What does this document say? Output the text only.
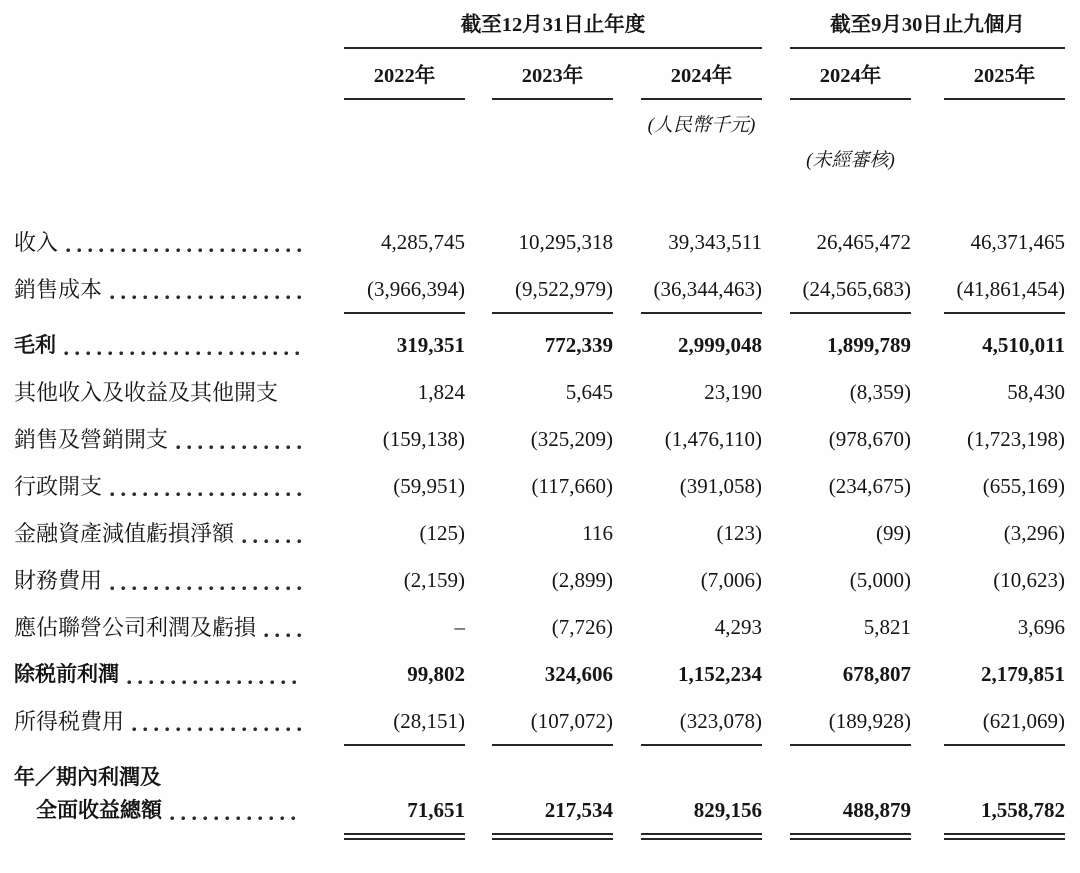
截至12月31日止年度	截至9月30日止九個月
2022年	2023年	2024年	2024年	2025年
(人民幣千元)
(未經審核)
收入	4,285,745	10,295,318	39,343,511	26,465,472	46,371,465
銷售成本	(3,966,394)	(9,522,979)	(36,344,463)	(24,565,683)	(41,861,454)
毛利	319,351	772,339	2,999,048	1,899,789	4,510,011
其他收入及收益及其他開支	1,824	5,645	23,190	(8,359)	58,430
銷售及營銷開支	(159,138)	(325,209)	(1,476,110)	(978,670)	(1,723,198)
行政開支	(59,951)	(117,660)	(391,058)	(234,675)	(655,169)
金融資產減值虧損淨額	(125)	116	(123)	(99)	(3,296)
財務費用	(2,159)	(2,899)	(7,006)	(5,000)	(10,623)
應佔聯營公司利潤及虧損	–	(7,726)	4,293	5,821	3,696
除税前利潤	99,802	324,606	1,152,234	678,807	2,179,851
所得税費用	(28,151)	(107,072)	(323,078)	(189,928)	(621,069)
年／期內利潤及
全面收益總額	71,651	217,534	829,156	488,879	1,558,782
